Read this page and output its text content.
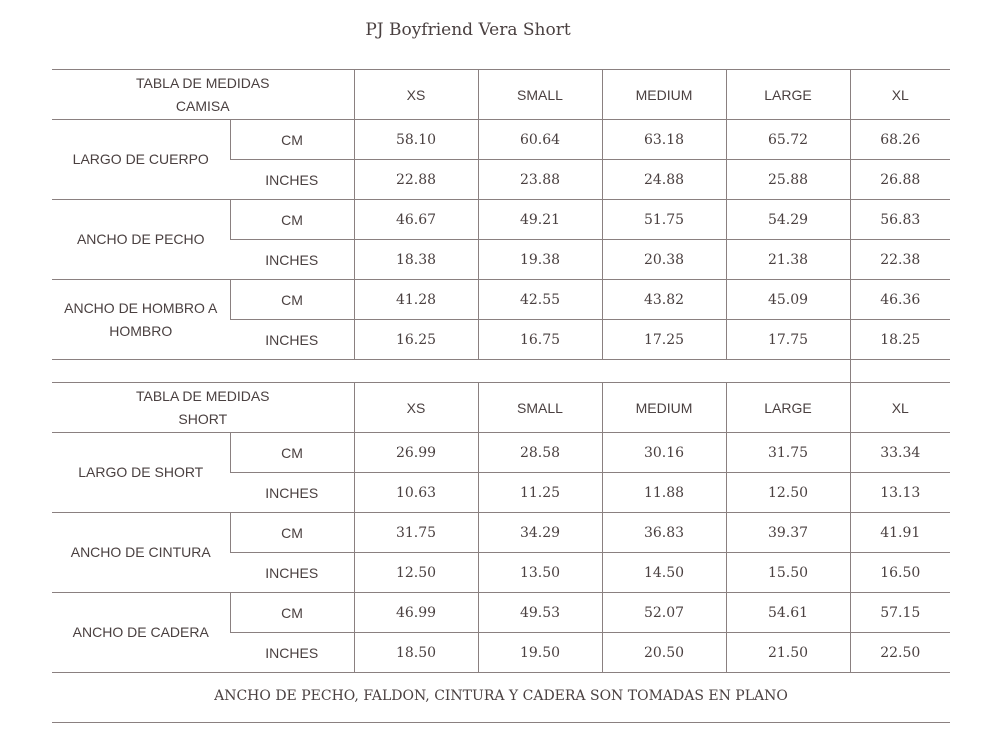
PJ Boyfriend Vera Short
TABLA DE MEDIDAS
CAMISA		XS	SMALL	MEDIUM	LARGE	XL
LARGO DE CUERPO	CM	58.10	60.64	63.18	65.72	68.26
	INCHES	22.88	23.88	24.88	25.88	26.88
ANCHO DE PECHO	CM	46.67	49.21	51.75	54.29	56.83
	INCHES	18.38	19.38	20.38	21.38	22.38
ANCHO DE HOMBRO A HOMBRO	CM	41.28	42.55	43.82	45.09	46.36
	INCHES	16.25	16.75	17.25	17.75	18.25
TABLA DE MEDIDAS
SHORT		XS	SMALL	MEDIUM	LARGE	XL
LARGO DE SHORT	CM	26.99	28.58	30.16	31.75	33.34
	INCHES	10.63	11.25	11.88	12.50	13.13
ANCHO DE CINTURA	CM	31.75	34.29	36.83	39.37	41.91
	INCHES	12.50	13.50	14.50	15.50	16.50
ANCHO DE CADERA	CM	46.99	49.53	52.07	54.61	57.15
	INCHES	18.50	19.50	20.50	21.50	22.50
ANCHO DE PECHO, FALDON, CINTURA Y CADERA SON TOMADAS EN PLANO
